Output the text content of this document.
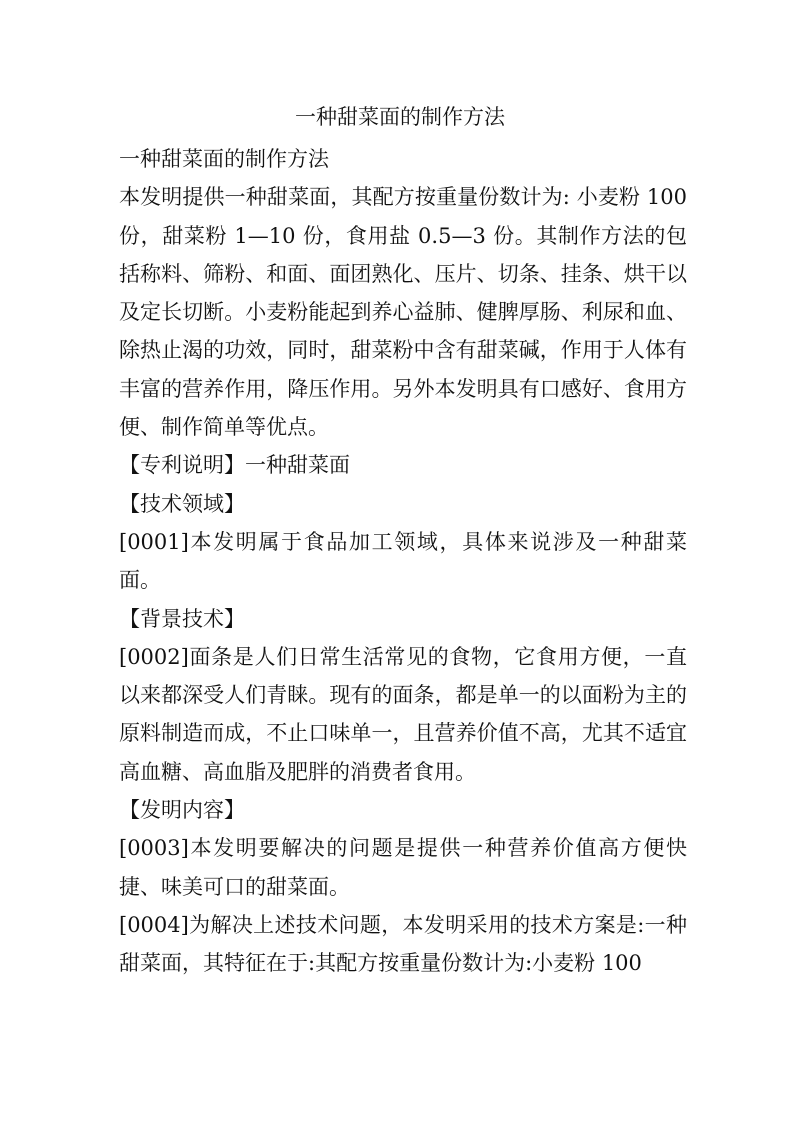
一种甜菜面的制作方法

一种甜菜面的制作方法

本发明提供一种甜菜面，其配方按重量份数计为: 小麦粉 100 份，甜菜粉 1—10 份，食用盐 0.5—3 份。其制作方法的包括称料、筛粉、和面、面团熟化、压片、切条、挂条、烘干以及定长切断。小麦粉能起到养心益肺、健脾厚肠、利尿和血、除热止渴的功效，同时，甜菜粉中含有甜菜碱，作用于人体有丰富的营养作用，降压作用。另外本发明具有口感好、食用方便、制作简单等优点。

【专利说明】一种甜菜面

【技术领域】

[0001]本发明属于食品加工领域，具体来说涉及一种甜菜面。

【背景技术】

[0002]面条是人们日常生活常见的食物，它食用方便，一直以来都深受人们青睐。现有的面条，都是单一的以面粉为主的原料制造而成，不止口味单一，且营养价值不高，尤其不适宜高血糖、高血脂及肥胖的消费者食用。

【发明内容】

[0003]本发明要解决的问题是提供一种营养价值高方便快捷、味美可口的甜菜面。

[0004]为解决上述技术问题，本发明采用的技术方案是:一种甜菜面，其特征在于:其配方按重量份数计为:小麦粉 100
